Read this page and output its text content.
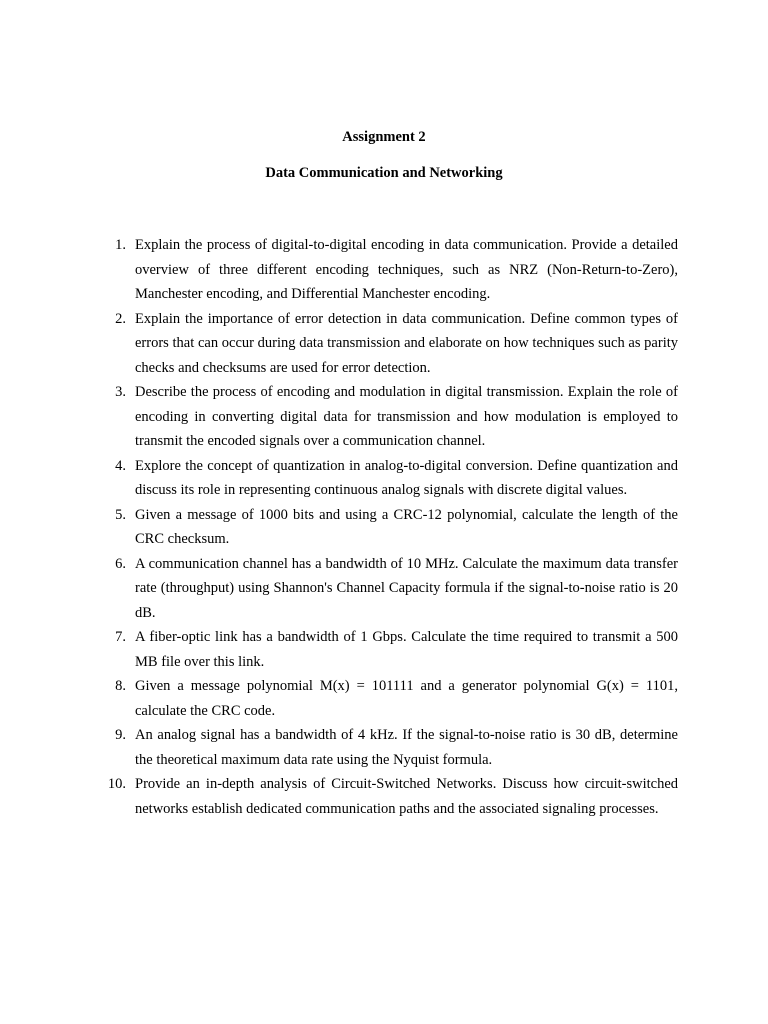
Assignment 2
Data Communication and Networking
1. Explain the process of digital-to-digital encoding in data communication. Provide a detailed overview of three different encoding techniques, such as NRZ (Non-Return-to-Zero), Manchester encoding, and Differential Manchester encoding.
2. Explain the importance of error detection in data communication. Define common types of errors that can occur during data transmission and elaborate on how techniques such as parity checks and checksums are used for error detection.
3. Describe the process of encoding and modulation in digital transmission. Explain the role of encoding in converting digital data for transmission and how modulation is employed to transmit the encoded signals over a communication channel.
4. Explore the concept of quantization in analog-to-digital conversion. Define quantization and discuss its role in representing continuous analog signals with discrete digital values.
5. Given a message of 1000 bits and using a CRC-12 polynomial, calculate the length of the CRC checksum.
6. A communication channel has a bandwidth of 10 MHz. Calculate the maximum data transfer rate (throughput) using Shannon's Channel Capacity formula if the signal-to-noise ratio is 20 dB.
7. A fiber-optic link has a bandwidth of 1 Gbps. Calculate the time required to transmit a 500 MB file over this link.
8. Given a message polynomial M(x) = 101111 and a generator polynomial G(x) = 1101, calculate the CRC code.
9. An analog signal has a bandwidth of 4 kHz. If the signal-to-noise ratio is 30 dB, determine the theoretical maximum data rate using the Nyquist formula.
10. Provide an in-depth analysis of Circuit-Switched Networks. Discuss how circuit-switched networks establish dedicated communication paths and the associated signaling processes.
